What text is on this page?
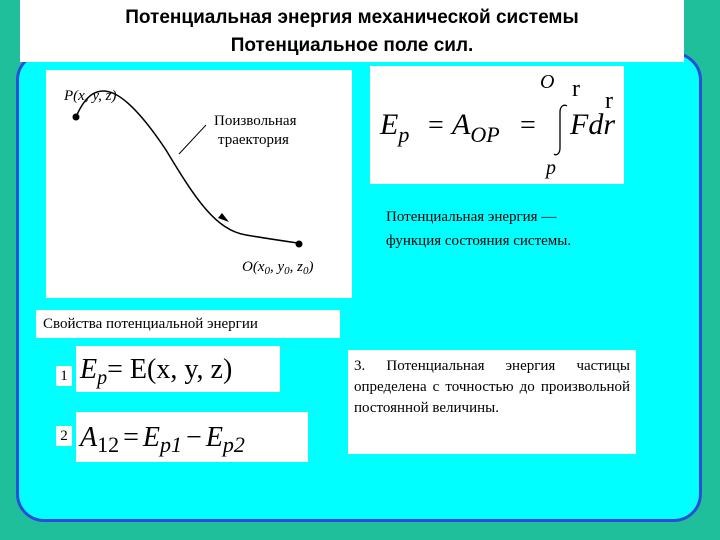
Потенциальная энергия механической системы
Потенциальное поле сил.
P(x, y, z)
Поизвольная
траектория
$O(x_0$, $y_0$, $z_0$)
O r r
$E_p = A_{OP}$ = Fdr
p
Потенциальная энергия —
функция состояния системы.
Свойства потенциальной энергии
1 $E_p= E(x$, y, z)
2 $A_{12} = E_{p1} - E_{p2}$
3. Потенциальная энергия частицы определена с точностью до произвольной постоянной величины.
